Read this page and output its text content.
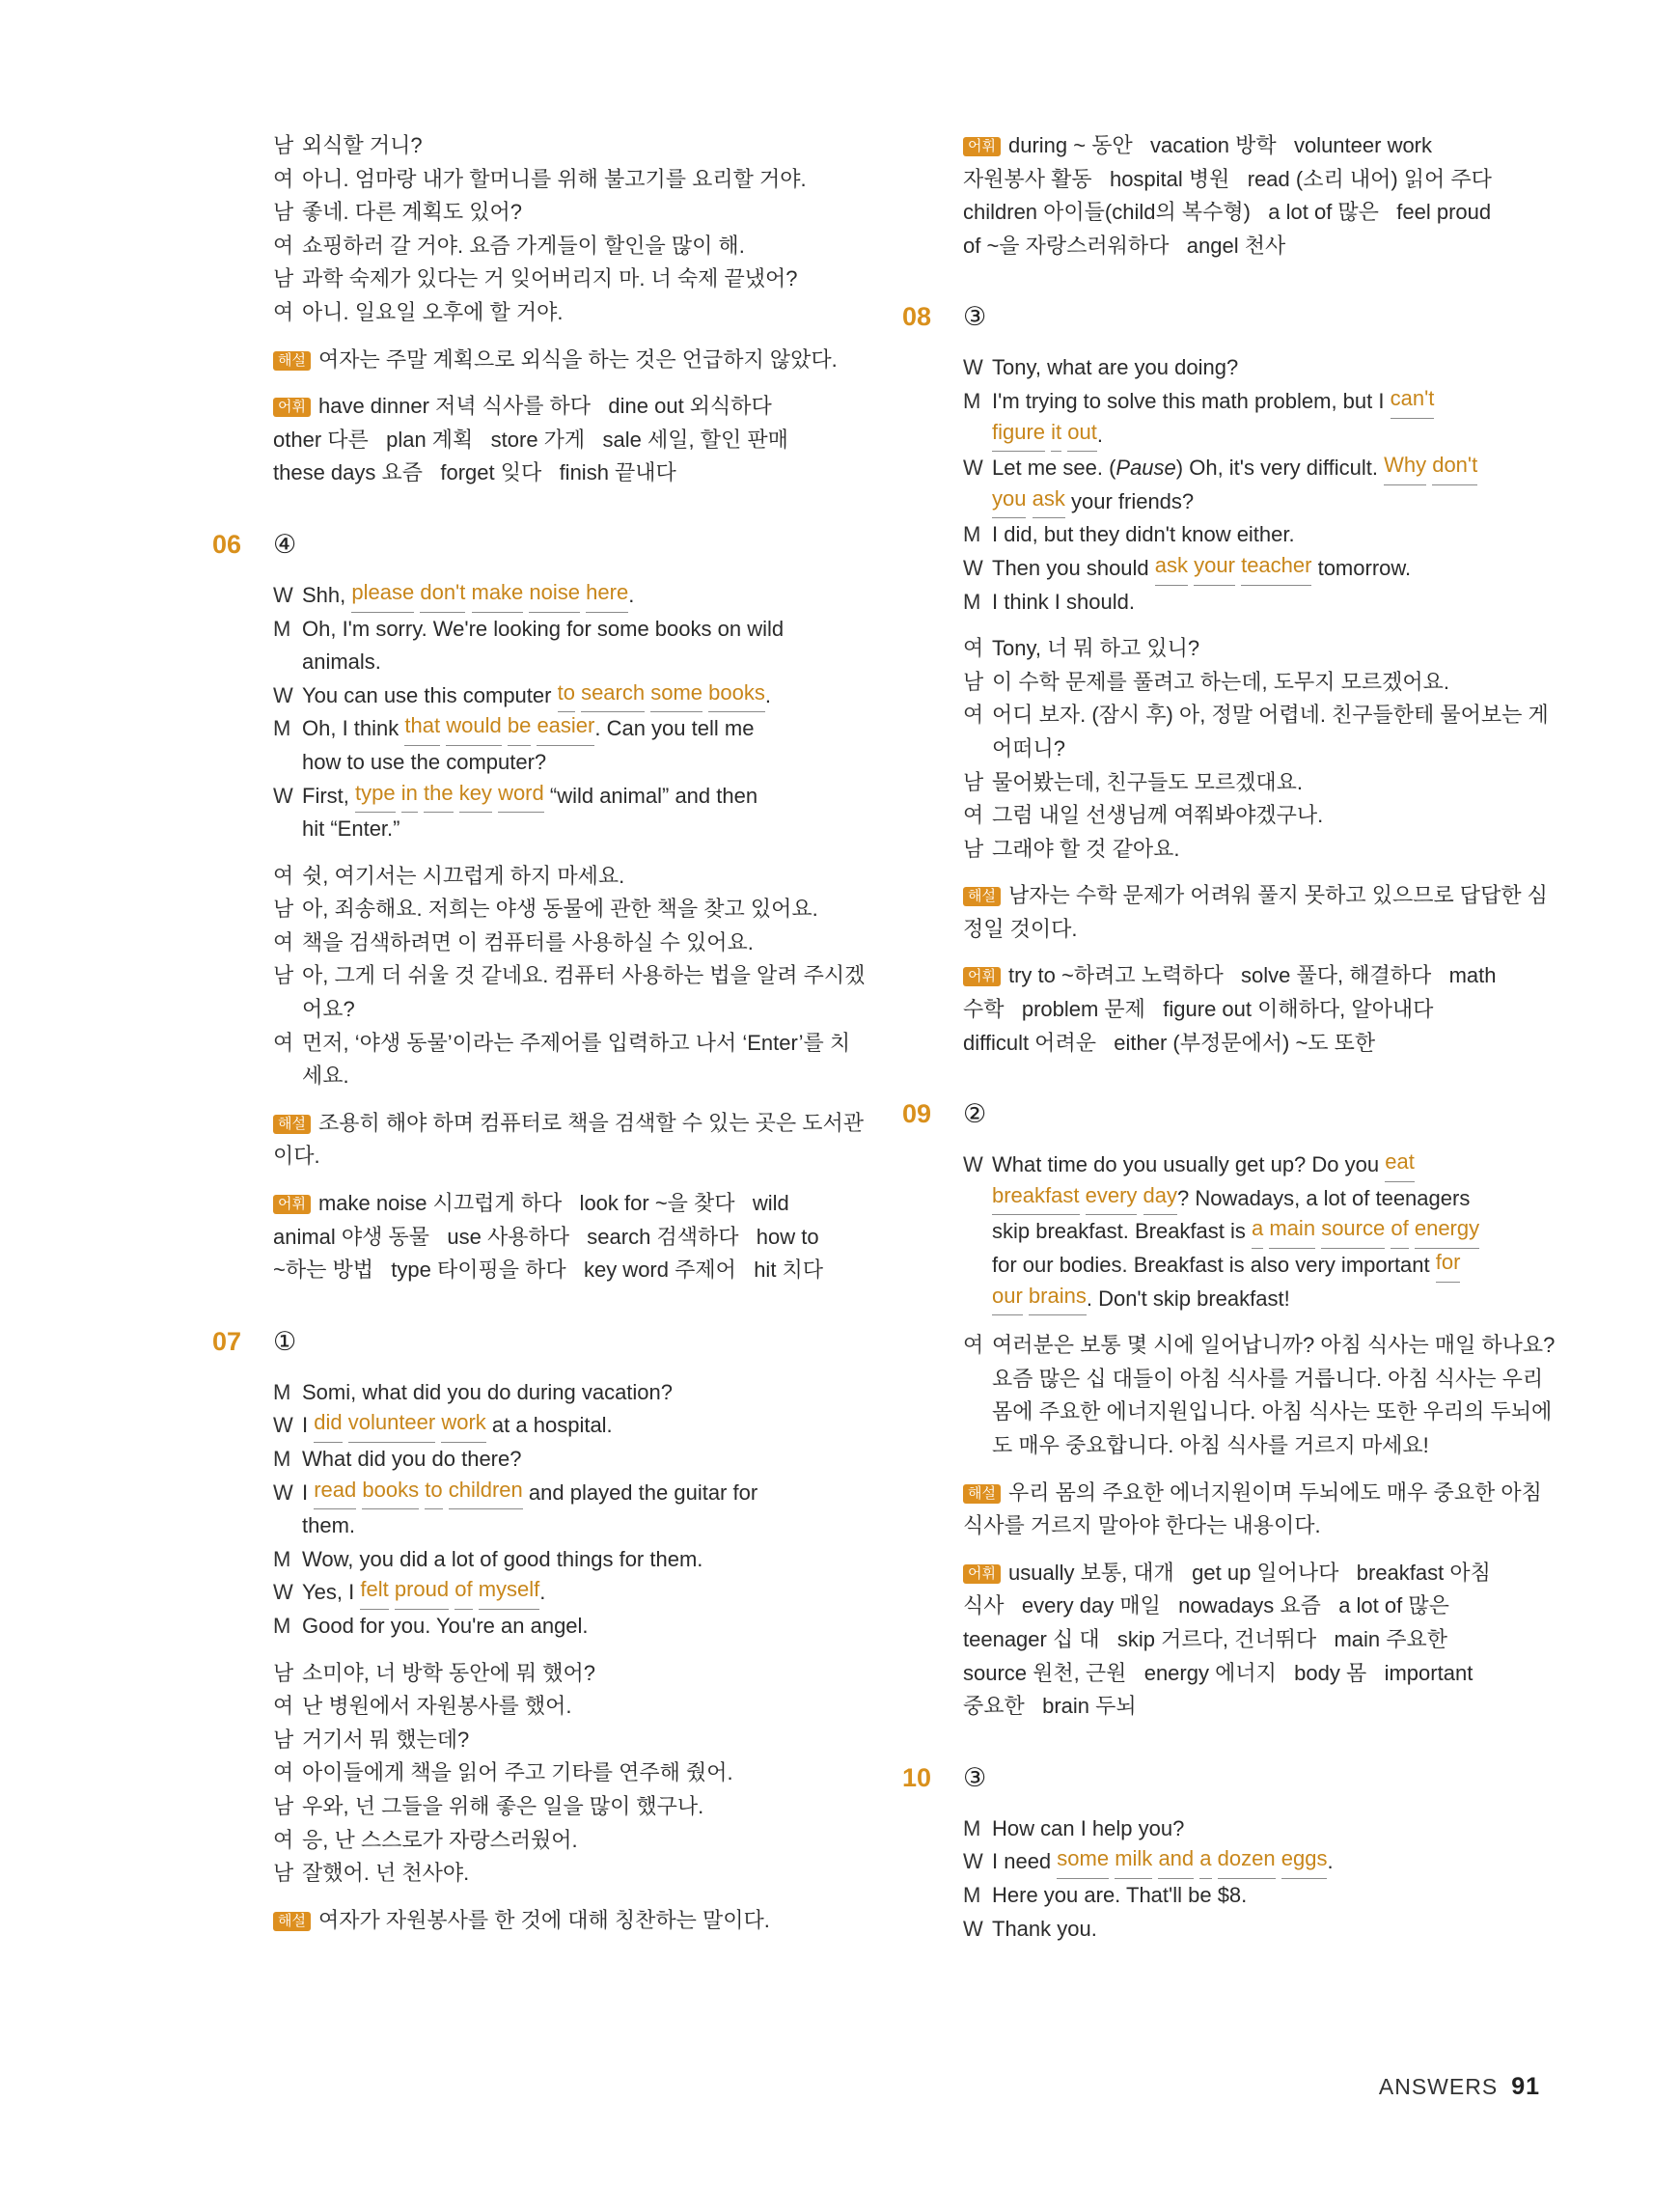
남 외식할 거니?
여 아니. 엄마랑 내가 할머니를 위해 불고기를 요리할 거야.
남 좋네. 다른 계획도 있어?
여 쇼핑하러 갈 거야. 요즘 가게들이 할인을 많이 해.
남 과학 숙제가 있다는 거 잊어버리지 마. 너 숙제 끝냈어?
여 아니. 일요일 오후에 할 거야.
해설 여자는 주말 계획으로 외식을 하는 것은 언급하지 않았다.
어휘 have dinner 저녁 식사를 하다   dine out 외식하다
other 다른   plan 계획   store 가게   sale 세일, 할인 판매
these days 요즘   forget 잊다   finish 끝내다
06 ④
W Shh, please
don't
make
noise
here .
M Oh, I'm sorry. We're looking for some books on wild
animals.
W You can use this computer to
search
some
books .
M Oh, I think that
would
be
easier . Can you tell me
how to use the computer?
W First, type
in
the
key
word “wild animal” and then
hit “Enter.”
여 쉿, 여기서는 시끄럽게 하지 마세요.
남 아, 죄송해요. 저희는 야생 동물에 관한 책을 찾고 있어요.
여 책을 검색하려면 이 컴퓨터를 사용하실 수 있어요.
남 아, 그게 더 쉬울 것 같네요. 컴퓨터 사용하는 법을 알려 주시겠
어요?
여 먼저, ‘야생 동물’이라는 주제어를 입력하고 나서 ‘Enter’를 치
세요.
해설 조용히 해야 하며 컴퓨터로 책을 검색할 수 있는 곳은 도서관
이다.
어휘 make noise 시끄럽게 하다   look for ~을 찾다   wild
animal 야생 동물   use 사용하다   search 검색하다   how to
~하는 방법   type 타이핑을 하다   key word 주제어   hit 치다
07 ①
M Somi, what did you do during vacation?
W I did
volunteer
work at a hospital.
M What did you do there?
W I read
books
to
children and played the guitar for
them.
M Wow, you did a lot of good things for them.
W Yes, I felt
proud
of
myself .
M Good for you. You're an angel.
남 소미야, 너 방학 동안에 뭐 했어?
여 난 병원에서 자원봉사를 했어.
남 거기서 뭐 했는데?
여 아이들에게 책을 읽어 주고 기타를 연주해 줬어.
남 우와, 넌 그들을 위해 좋은 일을 많이 했구나.
여 응, 난 스스로가 자랑스러웠어.
남 잘했어. 넌 천사야.
해설 여자가 자원봉사를 한 것에 대해 칭찬하는 말이다.
어휘 during ~ 동안   vacation 방학   volunteer work
자원봉사 활동   hospital 병원   read (소리 내어) 읽어 주다
children 아이들(child의 복수형)   a lot of 많은   feel proud
of ~을 자랑스러워하다   angel 천사
08 ③
W Tony, what are you doing?
M I'm trying to solve this math problem, but I can't
figure
it
out .
W Let me see. ( Pause ) Oh, it's very difficult. Why
don't
you
ask your friends?
M I did, but they didn't know either.
W Then you should ask
your
teacher tomorrow.
M I think I should.
여 Tony, 너 뭐 하고 있니?
남 이 수학 문제를 풀려고 하는데, 도무지 모르겠어요.
여 어디 보자. (잠시 후) 아, 정말 어렵네. 친구들한테 물어보는 게
어떠니?
남 물어봤는데, 친구들도 모르겠대요.
여 그럼 내일 선생님께 여쭤봐야겠구나.
남 그래야 할 것 같아요.
해설 남자는 수학 문제가 어려워 풀지 못하고 있으므로 답답한 심
정일 것이다.
어휘 try to ~하려고 노력하다   solve 풀다, 해결하다   math
수학   problem 문제   figure out 이해하다, 알아내다
difficult 어려운   either (부정문에서) ~도 또한
09 ②
W What time do you usually get up? Do you eat
breakfast
every
day ? Nowadays, a lot of teenagers
skip breakfast. Breakfast is a
main
source
of
energy
for our bodies. Breakfast is also very important for
our
brains . Don't skip breakfast!
여 여러분은 보통 몇 시에 일어납니까? 아침 식사는 매일 하나요?
요즘 많은 십 대들이 아침 식사를 거릅니다. 아침 식사는 우리
몸에 주요한 에너지원입니다. 아침 식사는 또한 우리의 두뇌에
도 매우 중요합니다. 아침 식사를 거르지 마세요!
해설 우리 몸의 주요한 에너지원이며 두뇌에도 매우 중요한 아침
식사를 거르지 말아야 한다는 내용이다.
어휘 usually 보통, 대개   get up 일어나다   breakfast 아침
식사   every day 매일   nowadays 요즘   a lot of 많은
teenager 십 대   skip 거르다, 건너뛰다   main 주요한
source 원천, 근원   energy 에너지   body 몸   important
중요한   brain 두뇌
10 ③
M How can I help you?
W I need some
milk
and
a
dozen
eggs .
M Here you are. That'll be $8.
W Thank you.
ANSWERS 91
